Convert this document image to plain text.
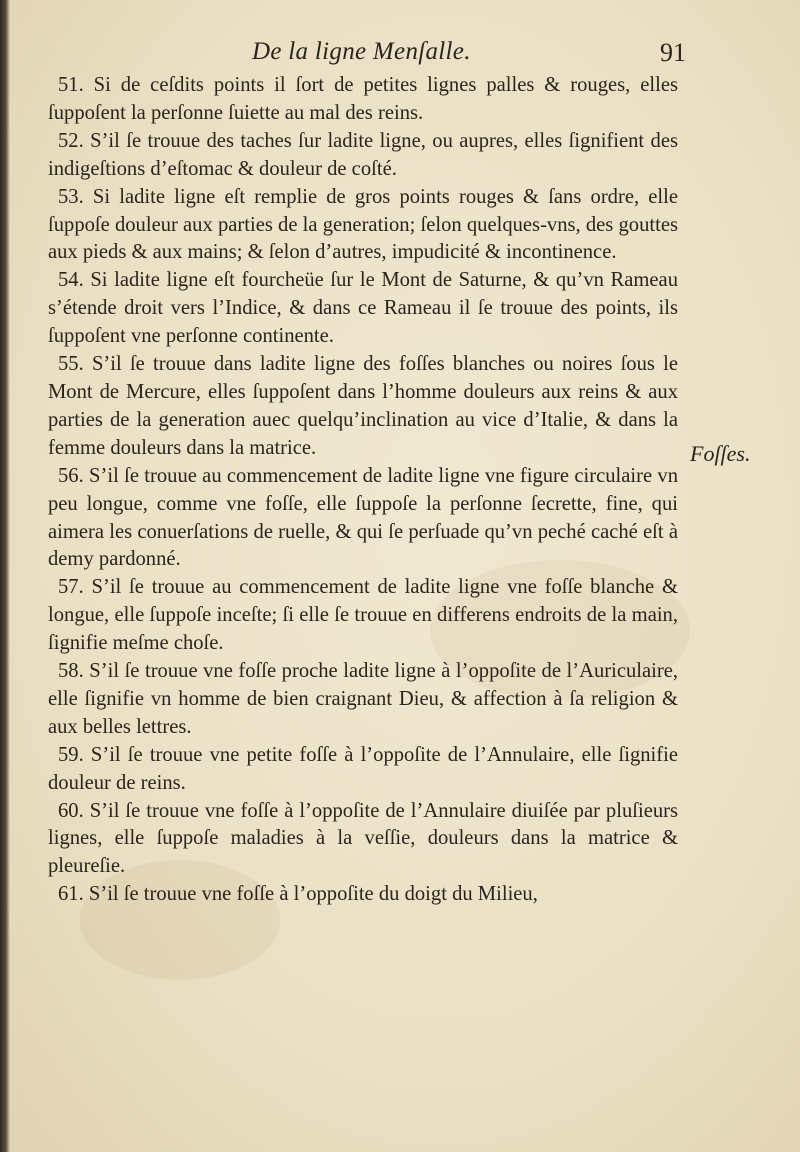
De la ligne Menſalle.	91

51. Si de ceſdits points il ſort de petites lignes palles & rouges, elles ſuppoſent la perſonne ſuiette au mal des reins.

52. S’il ſe trouue des taches ſur ladite ligne, ou aupres, elles ſignifient des indigeſtions d’eſtomac & douleur de coſté.

53. Si ladite ligne eſt remplie de gros points rouges & ſans ordre, elle ſuppoſe douleur aux parties de la generation; ſelon quelques-vns, des gouttes aux pieds & aux mains; & ſelon d’autres, impudicité & incontinence.

54. Si ladite ligne eſt fourcheüe ſur le Mont de Saturne, & qu’vn Rameau s’étende droit vers l’Indice, & dans ce Rameau il ſe trouue des points, ils ſuppoſent vne perſonne continente.

55. S’il ſe trouue dans ladite ligne des foſſes blanches ou noires ſous le Mont de Mercure, elles ſuppoſent dans l’homme douleurs aux reins & aux parties de la generation auec quelqu’inclination au vice d’Italie, & dans la femme douleurs dans la matrice.

56. S’il ſe trouue au commencement de ladite ligne vne figure circulaire vn peu longue, comme vne foſſe, elle ſuppoſe la perſonne ſecrette, fine, qui aimera les conuerſations de ruelle, & qui ſe perſuade qu’vn peché caché eſt à demy pardonné.

57. S’il ſe trouue au commencement de ladite ligne vne foſſe blanche & longue, elle ſuppoſe inceſte; ſi elle ſe trouue en differens endroits de la main, ſignifie meſme choſe.

58. S’il ſe trouue vne foſſe proche ladite ligne à l’oppoſite de l’Auriculaire, elle ſignifie vn homme de bien craignant Dieu, & affection à ſa religion & aux belles lettres.

59. S’il ſe trouue vne petite foſſe à l’oppoſite de l’Annulaire, elle ſignifie douleur de reins.

60. S’il ſe trouue vne foſſe à l’oppoſite de l’Annulaire diuiſée par pluſieurs lignes, elle ſuppoſe maladies à la veſſie, douleurs dans la matrice & pleureſie.

61. S’il ſe trouue vne foſſe à l’oppoſite du doigt du Milieu,

Foſſes.
